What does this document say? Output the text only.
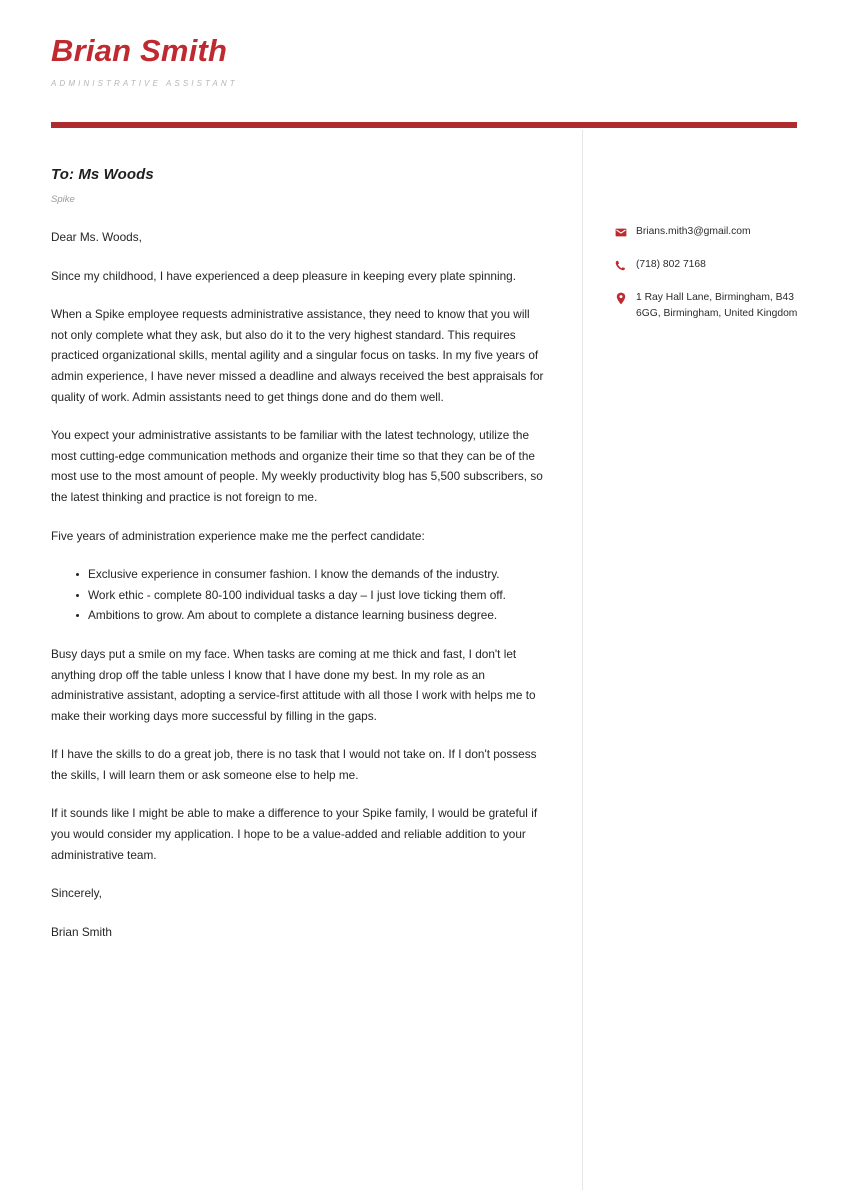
Brian Smith
ADMINISTRATIVE ASSISTANT
To: Ms Woods
Spike

Dear Ms. Woods,

Since my childhood, I have experienced a deep pleasure in keeping every plate spinning.

When a Spike employee requests administrative assistance, they need to know that you will not only complete what they ask, but also do it to the very highest standard. This requires practiced organizational skills, mental agility and a singular focus on tasks. In my five years of admin experience, I have never missed a deadline and always received the best appraisals for quality of work. Admin assistants need to get things done and do them well.

You expect your administrative assistants to be familiar with the latest technology, utilize the most cutting-edge communication methods and organize their time so that they can be of the most use to the most amount of people. My weekly productivity blog has 5,500 subscribers, so the latest thinking and practice is not foreign to me.

Five years of administration experience make me the perfect candidate:

Exclusive experience in consumer fashion. I know the demands of the industry.
Work ethic - complete 80-100 individual tasks a day – I just love ticking them off.
Ambitions to grow. Am about to complete a distance learning business degree.

Busy days put a smile on my face. When tasks are coming at me thick and fast, I don't let anything drop off the table unless I know that I have done my best. In my role as an administrative assistant, adopting a service-first attitude with all those I work with helps me to make their working days more successful by filling in the gaps.

If I have the skills to do a great job, there is no task that I would not take on. If I don't possess the skills, I will learn them or ask someone else to help me.

If it sounds like I might be able to make a difference to your Spike family, I would be grateful if you would consider my application. I hope to be a value-added and reliable addition to your administrative team.

Sincerely,

Brian Smith

Brians.mith3@gmail.com
(718) 802 7168
1 Ray Hall Lane, Birmingham, B43 6GG, Birmingham, United Kingdom
